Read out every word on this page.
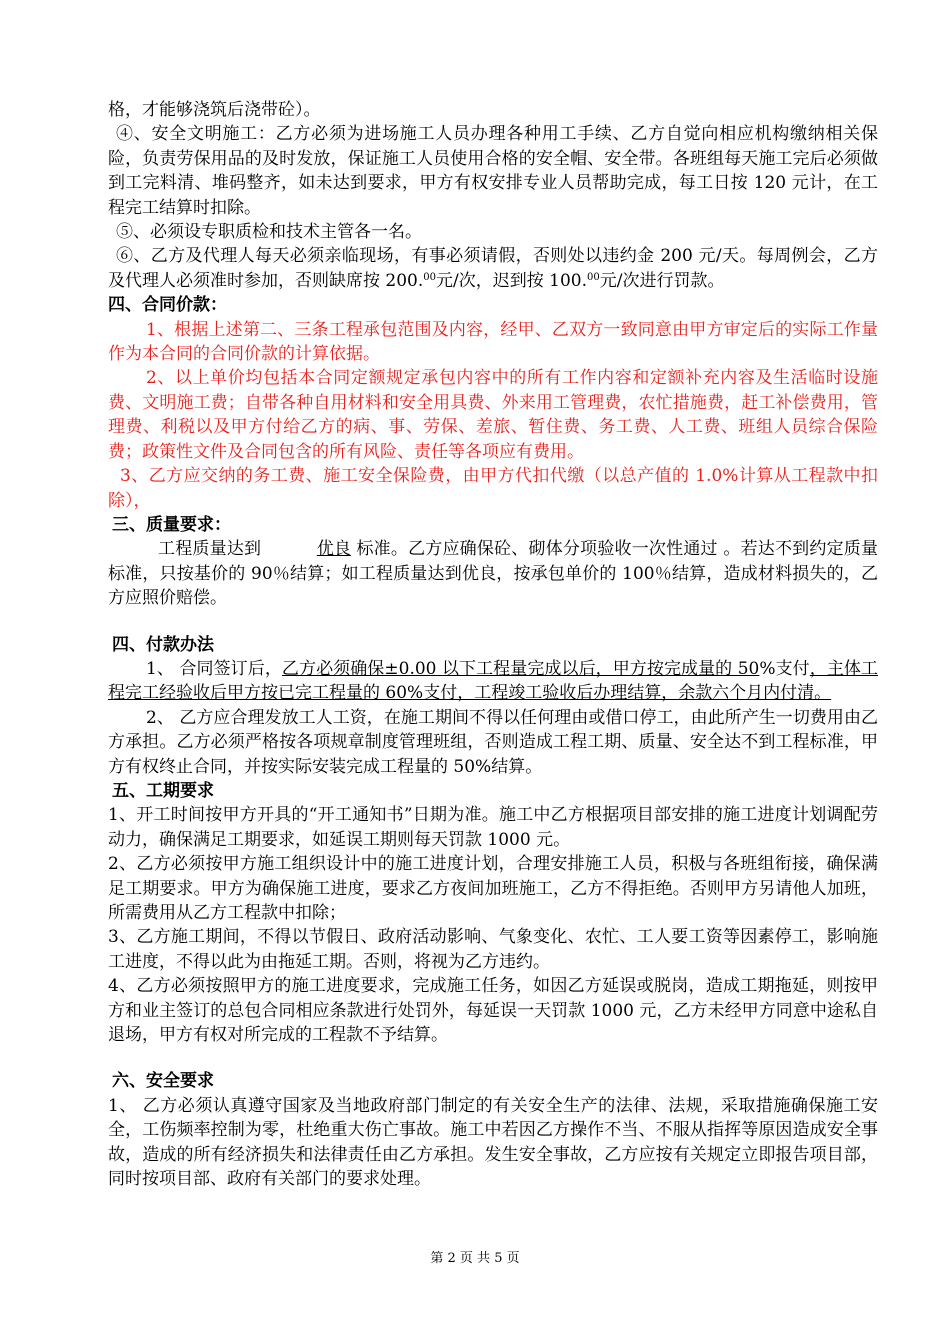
格，才能够浇筑后浇带砼）。

④、安全文明施工：乙方必须为进场施工人员办理各种用工手续、乙方自觉向相应机构缴纳相关保险，负责劳保用品的及时发放，保证施工人员使用合格的安全帽、安全带。各班组每天施工完后必须做到工完料清、堆码整齐，如未达到要求，甲方有权安排专业人员帮助完成，每工日按 120 元计，在工程完工结算时扣除。

⑤、必须设专职质检和技术主管各一名。

⑥、乙方及代理人每天必须亲临现场，有事必须请假，否则处以违约金 200 元/天。每周例会，乙方及代理人必须准时参加，否则缺席按 200.00元/次，迟到按 100.00元/次进行罚款。

四、合同价款：

1、根据上述第二、三条工程承包范围及内容，经甲、乙双方一致同意由甲方审定后的实际工作量作为本合同的合同价款的计算依据。

2、以上单价均包括本合同定额规定承包内容中的所有工作内容和定额补充内容及生活临时设施费、文明施工费；自带各种自用材料和安全用具费、外来用工管理费，农忙措施费，赶工补偿费用，管理费、利税以及甲方付给乙方的病、事、劳保、差旅、暂住费、务工费、人工费、班组人员综合保险费；政策性文件及合同包含的所有风险、责任等各项应有费用。

3、乙方应交纳的务工费、施工安全保险费，由甲方代扣代缴（以总产值的 1.0%计算从工程款中扣除），

三、质量要求：

工程质量达到	优良 标准。乙方应确保砼、砌体分项验收一次性通过 。若达不到约定质量标准，只按基价的 90％结算；如工程质量达到优良，按承包单价的 100％结算，造成材料损失的，乙方应照价赔偿。

四、付款办法

1、 合同签订后，乙方必须确保±0.00 以下工程量完成以后，甲方按完成量的 50%支付，主体工程完工经验收后甲方按已完工程量的 60%支付，工程竣工验收后办理结算，余款六个月内付清。

2、 乙方应合理发放工人工资，在施工期间不得以任何理由或借口停工，由此所产生一切费用由乙方承担。乙方必须严格按各项规章制度管理班组，否则造成工程工期、质量、安全达不到工程标准，甲方有权终止合同，并按实际安装完成工程量的 50%结算。

五、工期要求

1、开工时间按甲方开具的“开工通知书”日期为准。施工中乙方根据项目部安排的施工进度计划调配劳动力，确保满足工期要求，如延误工期则每天罚款 1000 元。

2、乙方必须按甲方施工组织设计中的施工进度计划，合理安排施工人员，积极与各班组衔接，确保满足工期要求。甲方为确保施工进度，要求乙方夜间加班施工，乙方不得拒绝。否则甲方另请他人加班，所需费用从乙方工程款中扣除；

3、乙方施工期间，不得以节假日、政府活动影响、气象变化、农忙、工人要工资等因素停工，影响施工进度，不得以此为由拖延工期。否则，将视为乙方违约。

4、乙方必须按照甲方的施工进度要求，完成施工任务，如因乙方延误或脱岗，造成工期拖延，则按甲方和业主签订的总包合同相应条款进行处罚外，每延误一天罚款 1000 元，乙方未经甲方同意中途私自退场，甲方有权对所完成的工程款不予结算。

六、安全要求

1、 乙方必须认真遵守国家及当地政府部门制定的有关安全生产的法律、法规，采取措施确保施工安全，工伤频率控制为零，杜绝重大伤亡事故。施工中若因乙方操作不当、不服从指挥等原因造成安全事故，造成的所有经济损失和法律责任由乙方承担。发生安全事故，乙方应按有关规定立即报告项目部，同时按项目部、政府有关部门的要求处理。

第 2 页 共 5 页
